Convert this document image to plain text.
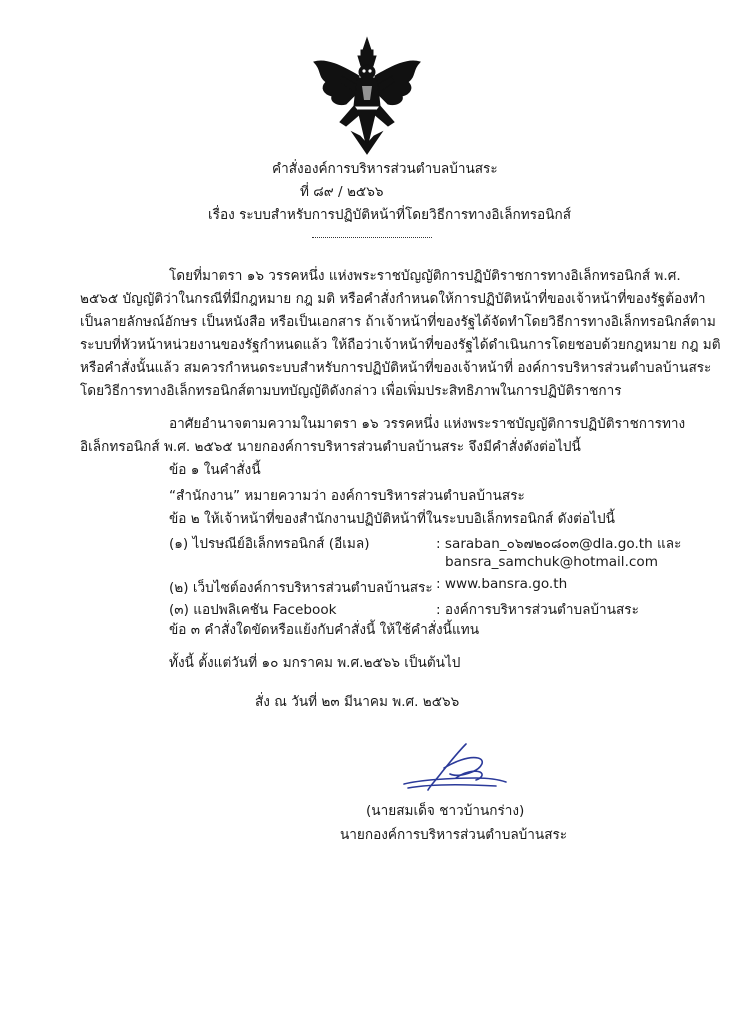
คำสั่งองค์การบริหารส่วนตำบลบ้านสระ
ที่ ๘๙ / ๒๕๖๖
เรื่อง ระบบสำหรับการปฏิบัติหน้าที่โดยวิธีการทางอิเล็กทรอนิกส์
โดยที่มาตรา ๑๖ วรรคหนึ่ง แห่งพระราชบัญญัติการปฏิบัติราชการทางอิเล็กทรอนิกส์ พ.ศ.
๒๕๖๕ บัญญัติว่าในกรณีที่มีกฎหมาย กฎ มติ หรือคำสั่งกำหนดให้การปฏิบัติหน้าที่ของเจ้าหน้าที่ของรัฐต้องทำ
เป็นลายลักษณ์อักษร เป็นหนังสือ หรือเป็นเอกสาร ถ้าเจ้าหน้าที่ของรัฐได้จัดทำโดยวิธีการทางอิเล็กทรอนิกส์ตาม
ระบบที่หัวหน้าหน่วยงานของรัฐกำหนดแล้ว ให้ถือว่าเจ้าหน้าที่ของรัฐได้ดำเนินการโดยชอบด้วยกฎหมาย กฎ มติ
หรือคำสั่งนั้นแล้ว สมควรกำหนดระบบสำหรับการปฏิบัติหน้าที่ของเจ้าหน้าที่ องค์การบริหารส่วนตำบลบ้านสระ
โดยวิธีการทางอิเล็กทรอนิกส์ตามบทบัญญัติดังกล่าว เพื่อเพิ่มประสิทธิภาพในการปฏิบัติราชการ
อาศัยอำนาจตามความในมาตรา ๑๖ วรรคหนึ่ง แห่งพระราชบัญญัติการปฏิบัติราชการทาง
อิเล็กทรอนิกส์ พ.ศ. ๒๕๖๕ นายกองค์การบริหารส่วนตำบลบ้านสระ จึงมีคำสั่งดังต่อไปนี้
ข้อ ๑ ในคำสั่งนี้
“สำนักงาน” หมายความว่า องค์การบริหารส่วนตำบลบ้านสระ
ข้อ ๒ ให้เจ้าหน้าที่ของสำนักงานปฏิบัติหน้าที่ในระบบอิเล็กทรอนิกส์ ดังต่อไปนี้
(๑) ไปรษณีย์อิเล็กทรอนิกส์ (อีเมล)	: saraban_๐๖๗๒๐๘๐๓@dla.go.th และ
bansra_samchuk@hotmail.com
(๒) เว็บไซต์องค์การบริหารส่วนตำบลบ้านสระ : www.bansra.go.th
(๓) แอปพลิเคชัน Facebook	: องค์การบริหารส่วนตำบลบ้านสระ
ข้อ ๓ คำสั่งใดขัดหรือแย้งกับคำสั่งนี้ ให้ใช้คำสั่งนี้แทน
ทั้งนี้ ตั้งแต่วันที่ ๑๐ มกราคม พ.ศ.๒๕๖๖ เป็นต้นไป
สั่ง ณ วันที่ ๒๓ มีนาคม พ.ศ. ๒๕๖๖
(นายสมเด็จ ชาวบ้านกร่าง)
นายกองค์การบริหารส่วนตำบลบ้านสระ
